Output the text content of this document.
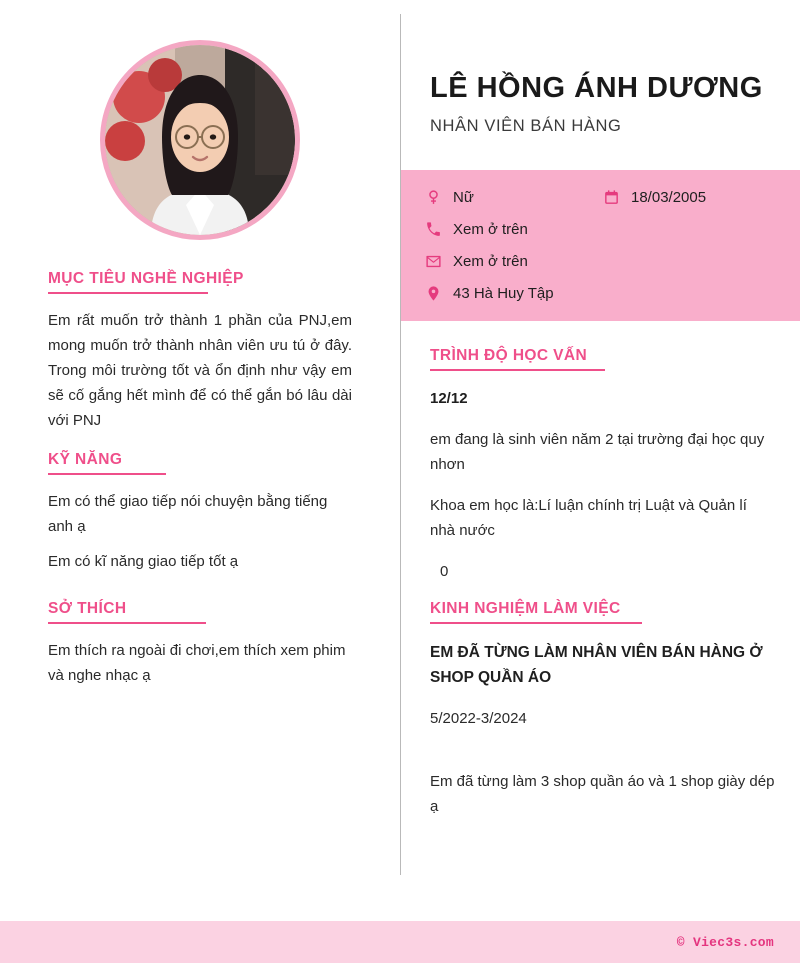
MỤC TIÊU NGHỀ NGHIỆP

Em rất muốn trở thành 1 phần của PNJ,em mong muốn trở thành nhân viên ưu tú ở đây. Trong môi trường tốt và ổn định như vậy em sẽ cố gắng hết mình để có thể gắn bó lâu dài với PNJ

KỸ NĂNG

Em có thể giao tiếp nói chuyện bằng tiếng anh ạ

Em có kĩ năng giao tiếp tốt ạ

SỞ THÍCH

Em thích ra ngoài đi chơi,em thích xem phim và nghe nhạc ạ

LÊ HỒNG ÁNH DƯƠNG
NHÂN VIÊN BÁN HÀNG
Nữ	18/03/2005
Xem ở trên
Xem ở trên
43 Hà Huy Tập
TRÌNH ĐỘ HỌC VẤN
12/12

em đang là sinh viên năm 2 tại trường đại học quy nhơn

Khoa em học là:Lí luận chính trị Luật và Quản lí nhà nước

0

KINH NGHIỆM LÀM VIỆC
EM ĐÃ TỪNG LÀM NHÂN VIÊN BÁN HÀNG Ở SHOP QUẦN ÁO

5/2022-3/2024

Em đã từng làm 3 shop quần áo và 1 shop giày dép ạ

© Viec3s.com
